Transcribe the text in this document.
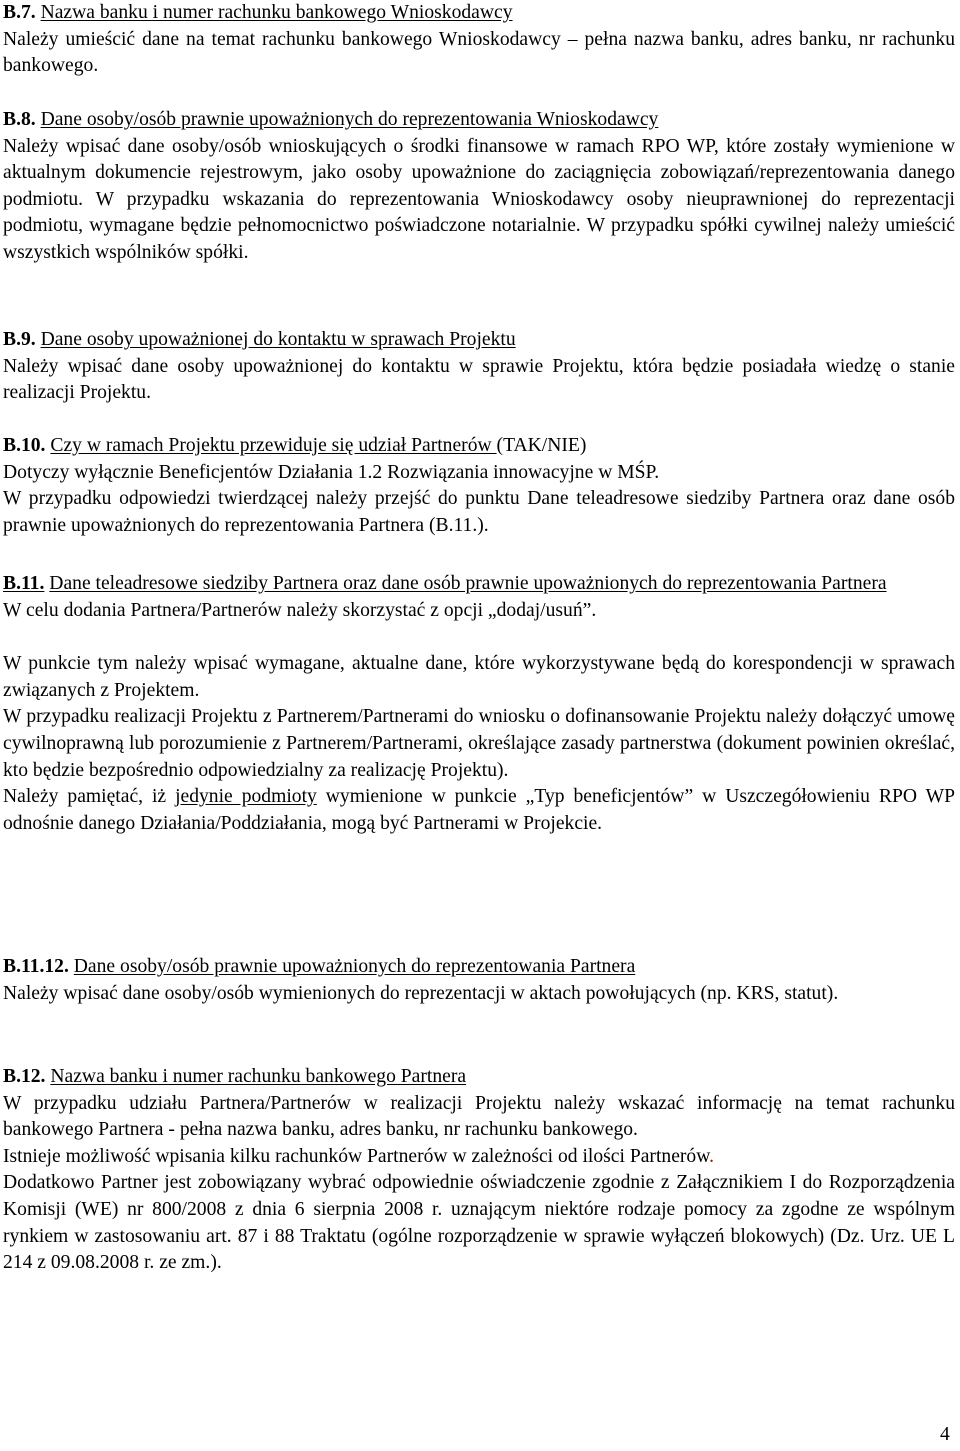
B.7. Nazwa banku i numer rachunku bankowego Wnioskodawcy

Należy umieścić dane na temat rachunku bankowego Wnioskodawcy – pełna nazwa banku, adres banku, nr rachunku bankowego.

B.8. Dane osoby/osób prawnie upoważnionych do reprezentowania Wnioskodawcy

Należy wpisać dane osoby/osób wnioskujących o środki finansowe w ramach RPO WP, które zostały wymienione w aktualnym dokumencie rejestrowym, jako osoby upoważnione do zaciągnięcia zobowiązań/reprezentowania danego podmiotu. W przypadku wskazania do reprezentowania Wnioskodawcy osoby nieuprawnionej do reprezentacji podmiotu, wymagane będzie pełnomocnictwo poświadczone notarialnie. W przypadku spółki cywilnej należy umieścić wszystkich wspólników spółki.

B.9. Dane osoby upoważnionej do kontaktu w sprawach Projektu

Należy wpisać dane osoby upoważnionej do kontaktu w sprawie Projektu, która będzie posiadała wiedzę o stanie realizacji Projektu.

B.10. Czy w ramach Projektu przewiduje się udział Partnerów (TAK/NIE)

Dotyczy wyłącznie Beneficjentów Działania 1.2 Rozwiązania innowacyjne w MŚP.

W przypadku odpowiedzi twierdzącej należy przejść do punktu Dane teleadresowe siedziby Partnera oraz dane osób prawnie upoważnionych do reprezentowania Partnera (B.11.).

B.11. Dane teleadresowe siedziby Partnera oraz dane osób prawnie upoważnionych do reprezentowania Partnera

W celu dodania Partnera/Partnerów należy skorzystać z opcji „dodaj/usuń”.

W punkcie tym należy wpisać wymagane, aktualne dane, które wykorzystywane będą do korespondencji w sprawach związanych z Projektem.

W przypadku realizacji Projektu z Partnerem/Partnerami do wniosku o dofinansowanie Projektu należy dołączyć umowę cywilnoprawną lub porozumienie z Partnerem/Partnerami, określające zasady partnerstwa (dokument powinien określać, kto będzie bezpośrednio odpowiedzialny za realizację Projektu).

Należy pamiętać, iż jedynie podmioty wymienione w punkcie „Typ beneficjentów” w Uszczegółowieniu RPO WP odnośnie danego Działania/Poddziałania, mogą być Partnerami w Projekcie.

B.11.12. Dane osoby/osób prawnie upoważnionych do reprezentowania Partnera

Należy wpisać dane osoby/osób wymienionych do reprezentacji w aktach powołujących (np. KRS, statut).

B.12. Nazwa banku i numer rachunku bankowego Partnera

W przypadku udziału Partnera/Partnerów w realizacji Projektu należy wskazać informację na temat rachunku bankowego Partnera - pełna nazwa banku, adres banku, nr rachunku bankowego.

Istnieje możliwość wpisania kilku rachunków Partnerów w zależności od ilości Partnerów.

Dodatkowo Partner jest zobowiązany wybrać odpowiednie oświadczenie zgodnie z Załącznikiem I do Rozporządzenia Komisji (WE) nr 800/2008 z dnia 6 sierpnia 2008 r. uznającym niektóre rodzaje pomocy za zgodne ze wspólnym rynkiem w zastosowaniu art. 87 i 88 Traktatu (ogólne rozporządzenie w sprawie wyłączeń blokowych) (Dz. Urz. UE L 214 z 09.08.2008 r. ze zm.).

4
